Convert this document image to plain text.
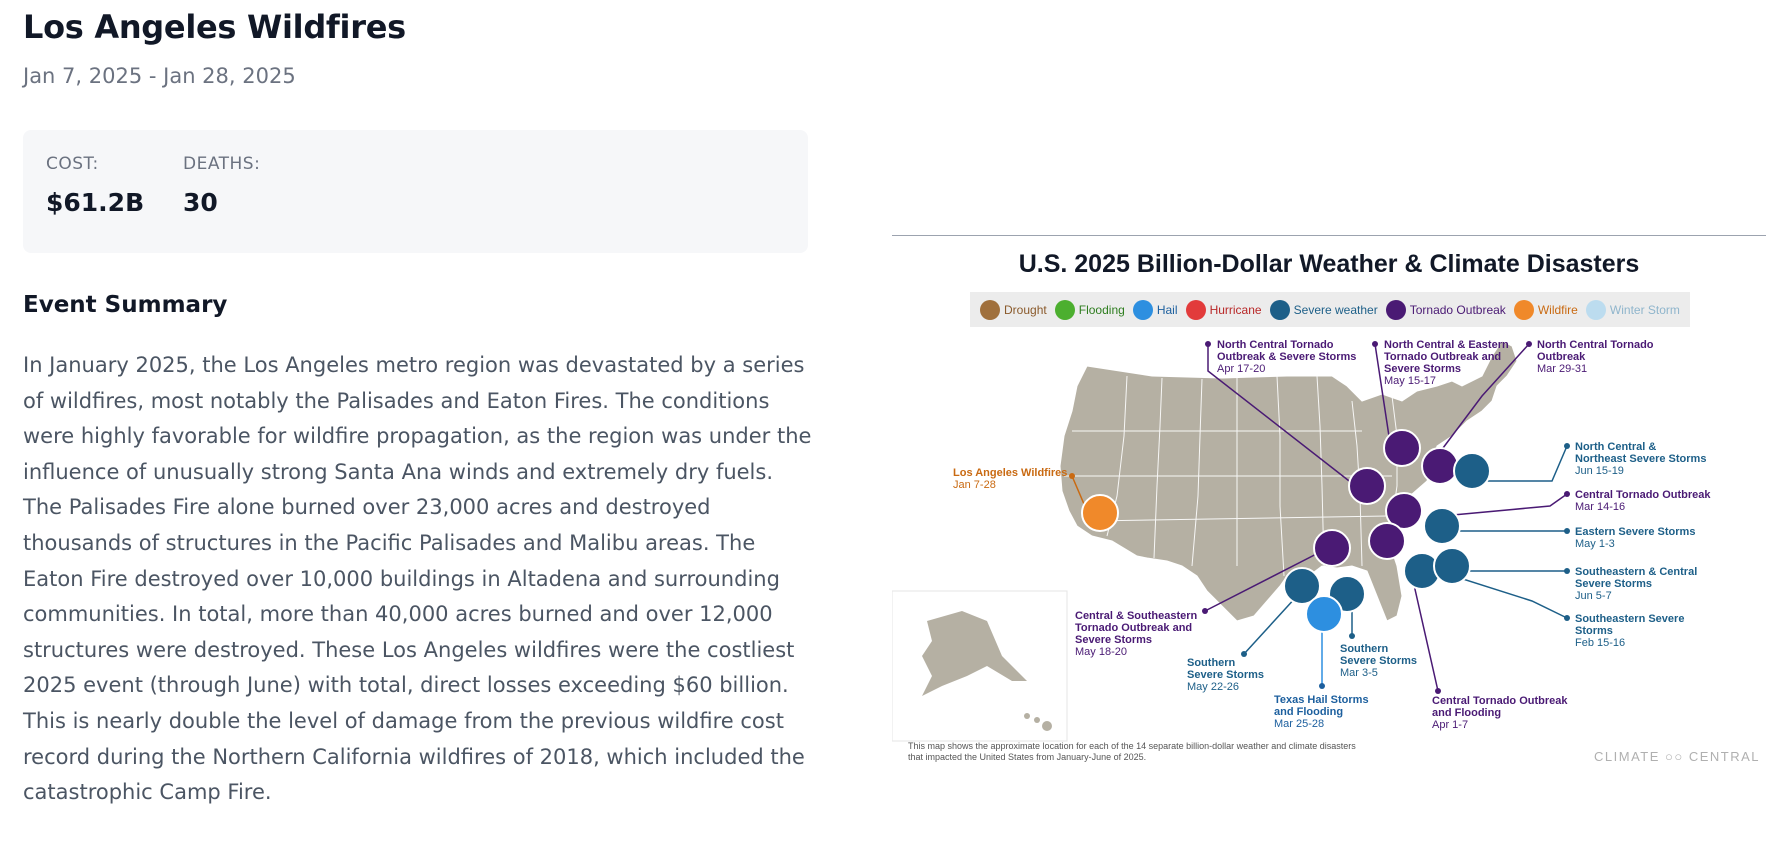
Los Angeles Wildfires
Jan 7, 2025 - Jan 28, 2025
COST:
$61.2B
DEATHS:
30
Event Summary
In January 2025, the Los Angeles metro region was devastated by a series of wildfires, most notably the Palisades and Eaton Fires. The conditions were highly favorable for wildfire propagation, as the region was under the influence of unusually strong Santa Ana winds and extremely dry fuels. The Palisades Fire alone burned over 23,000 acres and destroyed thousands of structures in the Pacific Palisades and Malibu areas. The Eaton Fire destroyed over 10,000 buildings in Altadena and surrounding communities. In total, more than 40,000 acres burned and over 12,000 structures were destroyed. These Los Angeles wildfires were the costliest 2025 event (through June) with total, direct losses exceeding $60 billion. This is nearly double the level of damage from the previous wildfire cost record during the Northern California wildfires of 2018, which included the catastrophic Camp Fire.
U.S. 2025 Billion-Dollar Weather & Climate Disasters
Drought	Flooding	Hail	Hurricane	Severe weather	Tornado Outbreak	Wildfire	Winter Storm
North Central Tornado
Outbreak & Severe Storms
Apr 17-20
North Central & Eastern
Tornado Outbreak and
Severe Storms
May 15-17
North Central Tornado
Outbreak
Mar 29-31
North Central &
Northeast Severe Storms
Jun 15-19
Central Tornado Outbreak
Mar 14-16
Eastern Severe Storms
May 1-3
Southeastern & Central
Severe Storms
Jun 5-7
Southeastern Severe
Storms
Feb 15-16
Central Tornado Outbreak
and Flooding
Apr 1-7
Southern
Severe Storms
Mar 3-5
Texas Hail Storms
and Flooding
Mar 25-28
Southern
Severe Storms
May 22-26
Central & Southeastern
Tornado Outbreak and
Severe Storms
May 18-20
Los Angeles Wildfires
Jan 7-28
This map shows the approximate location for each of the 14 separate billion-dollar weather and climate disasters
that impacted the United States from January-June of 2025.	CLIMATE ○○ CENTRAL
